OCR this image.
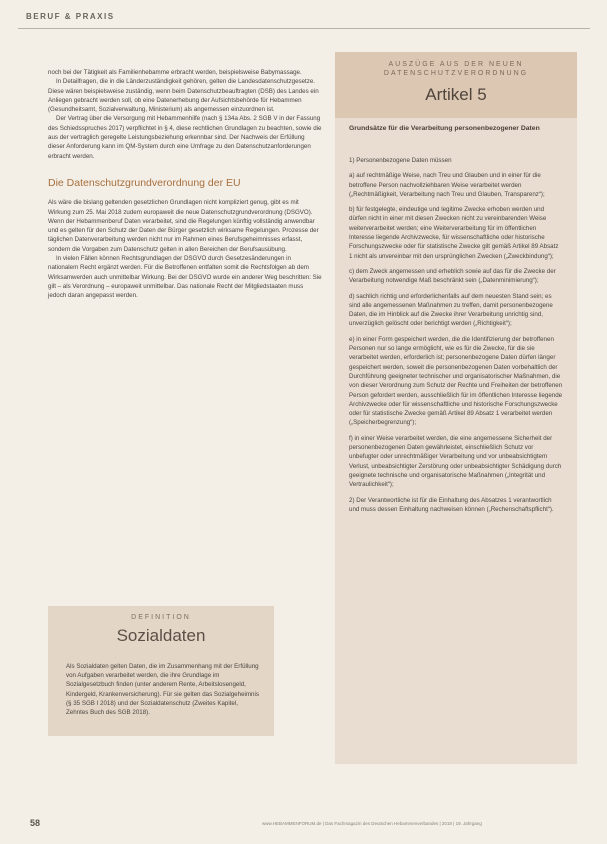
BERUF & PRAXIS

noch bei der Tätigkeit als Familienhebamme erbracht werden, beispielsweise Babymassage.

In Detailfragen, die in die Länderzuständigkeit gehören, gelten die Landesdatenschutzgesetze. Diese wären beispielsweise zuständig, wenn beim Datenschutzbeauftragten (DSB) des Landes ein Anliegen gebracht werden soll, ob eine Datenerhebung der Aufsichtsbehörde für Hebammen (Gesundheitsamt, Sozialverwaltung, Ministerium) als angemessen einzuordnen ist.

Der Vertrag über die Versorgung mit Hebammenhilfe (nach § 134a Abs. 2 SGB V in der Fassung des Schiedsspruches 2017) verpflichtet in § 4, diese rechtlichen Grundlagen zu beachten, sowie die aus der vertraglich geregelte Leistungsbeziehung erkennbar sind. Der Nachweis der Erfüllung dieser Anforderung kann im QM-System durch eine Umfrage zu den Datenschutzanforderungen erbracht werden.

Die Datenschutzgrundverordnung der EU

Als wäre die bislang geltenden gesetzlichen Grundlagen nicht kompliziert genug, gibt es mit Wirkung zum 25. Mai 2018 zudem europaweit die neue Datenschutzgrundverordnung (DSGVO). Wenn der Hebammenberuf Daten verarbeitet, sind die Regelungen künftig vollständig anwendbar und es gelten für den Schutz der Daten der Bürger gesetzlich wirksame Regelungen. Prozesse der täglichen Datenverarbeitung werden nicht nur im Rahmen eines Berufsgeheimnisses erfasst, sondern die Vorgaben zum Datenschutz gelten in allen Bereichen der Berufsausübung.

In vielen Fällen können Rechtsgrundlagen der DSGVO durch Gesetzesänderungen in nationalem Recht ergänzt werden. Für die Betroffenen entfalten somit die Rechtsfolgen ab dem Wirksamwerden auch unmittelbar Wirkung. Bei der DSGVO wurde ein anderer Weg beschritten: Sie gilt – als Verordnung – europaweit unmittelbar. Das nationale Recht der Mitgliedstaaten muss jedoch daran angepasst werden.

DEFINITION
Sozialdaten
Als Sozialdaten gelten Daten, die im Zusammenhang mit der Erfüllung von Aufgaben verarbeitet werden, die ihre Grundlage im Sozialgesetzbuch finden (unter anderem Rente, Arbeitslosengeld, Kindergeld, Krankenversicherung). Für sie gelten das Sozialgeheimnis (§ 35 SGB I 2018) und der Sozialdatenschutz (Zweites Kapitel, Zehntes Buch des SGB 2018).
AUSZÜGE AUS DER NEUEN
DATENSCHUTZVERORDNUNG
Artikel 5
Grundsätze für die Verarbeitung personenbezogener Daten

1) Personenbezogene Daten müssen

a) auf rechtmäßige Weise, nach Treu und Glauben und in einer für die betroffene Person nachvollziehbaren Weise verarbeitet werden („Rechtmäßigkeit, Verarbeitung nach Treu und Glauben, Transparenz“);

b) für festgelegte, eindeutige und legitime Zwecke erhoben werden und dürfen nicht in einer mit diesen Zwecken nicht zu vereinbarenden Weise weiterverarbeitet werden; eine Weiterverarbeitung für im öffentlichen Interesse liegende Archivzwecke, für wissenschaftliche oder historische Forschungszwecke oder für statistische Zwecke gilt gemäß Artikel 89 Absatz 1 nicht als unvereinbar mit den ursprünglichen Zwecken („Zweckbindung“);

c) dem Zweck angemessen und erheblich sowie auf das für die Zwecke der Verarbeitung notwendige Maß beschränkt sein („Datenminimierung“);

d) sachlich richtig und erforderlichenfalls auf dem neuesten Stand sein; es sind alle angemessenen Maßnahmen zu treffen, damit personenbezogene Daten, die im Hinblick auf die Zwecke ihrer Verarbeitung unrichtig sind, unverzüglich gelöscht oder berichtigt werden („Richtigkeit“);

e) in einer Form gespeichert werden, die die Identifizierung der betroffenen Personen nur so lange ermöglicht, wie es für die Zwecke, für die sie verarbeitet werden, erforderlich ist; personenbezogene Daten dürfen länger gespeichert werden, soweit die personenbezogenen Daten vorbehaltlich der Durchführung geeigneter technischer und organisatorischer Maßnahmen, die von dieser Verordnung zum Schutz der Rechte und Freiheiten der betroffenen Person gefordert werden, ausschließlich für im öffentlichen Interesse liegende Archivzwecke oder für wissenschaftliche und historische Forschungszwecke oder für statistische Zwecke gemäß Artikel 89 Absatz 1 verarbeitet werden („Speicherbegrenzung“);

f) in einer Weise verarbeitet werden, die eine angemessene Sicherheit der personenbezogenen Daten gewährleistet, einschließlich Schutz vor unbefugter oder unrechtmäßiger Verarbeitung und vor unbeabsichtigtem Verlust, unbeabsichtigter Zerstörung oder unbeabsichtigter Schädigung durch geeignete technische und organisatorische Maßnahmen („Integrität und Vertraulichkeit“);

2) Der Verantwortliche ist für die Einhaltung des Absatzes 1 verantwortlich und muss dessen Einhaltung nachweisen können („Rechenschaftspflicht“).

58	www.HEBAMMENFORUM.de | Das Fachmagazin des Deutschen Hebammenverbandes | 2018 | 19. Jahrgang
